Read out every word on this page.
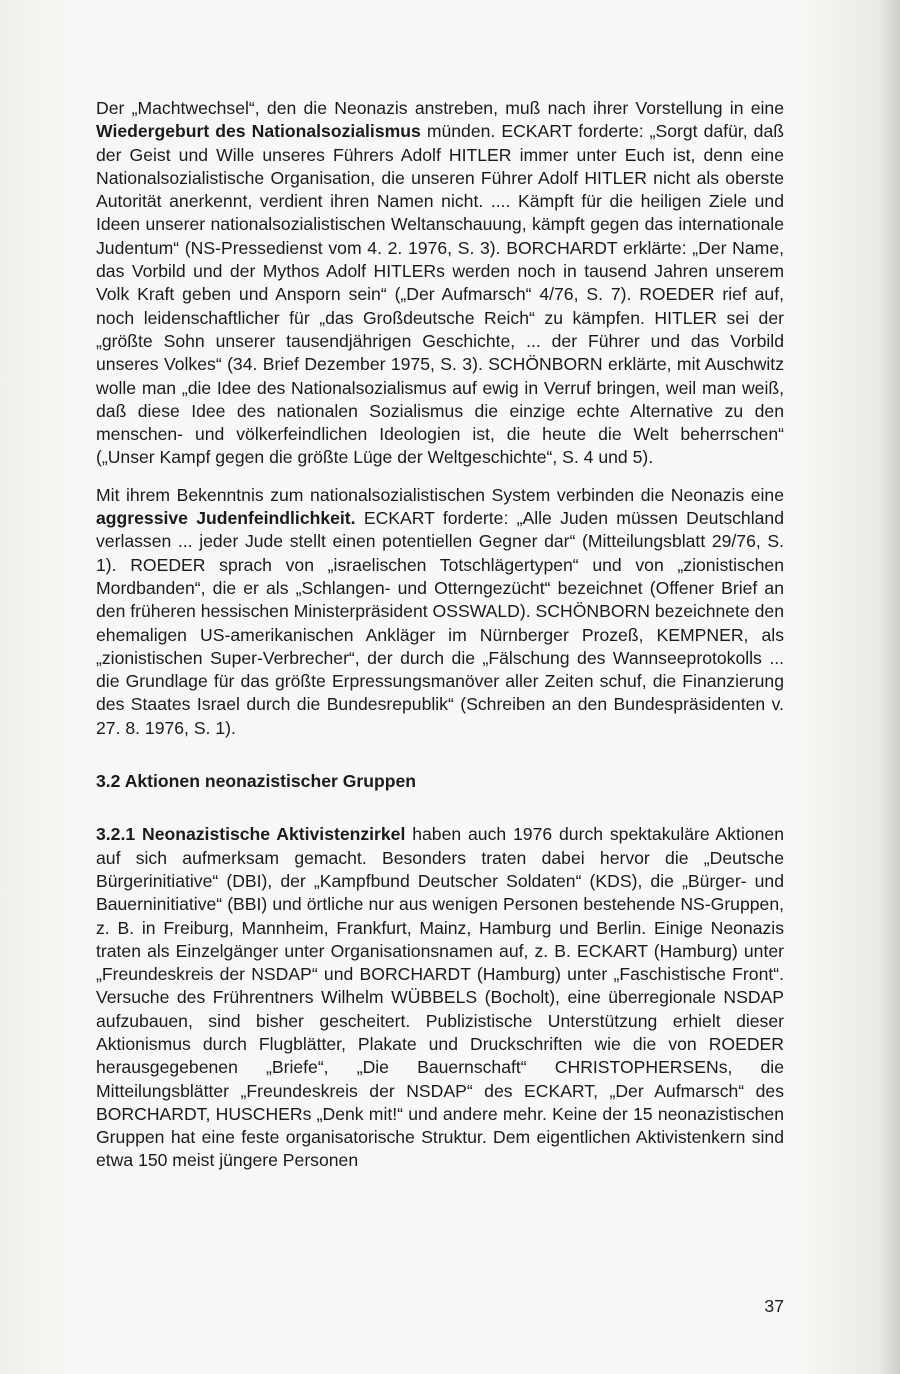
Der „Machtwechsel“, den die Neonazis anstreben, muß nach ihrer Vorstellung in eine Wiedergeburt des Nationalsozialismus münden. ECKART forderte: „Sorgt dafür, daß der Geist und Wille unseres Führers Adolf HITLER immer unter Euch ist, denn eine Nationalsozialistische Organisation, die unseren Führer Adolf HITLER nicht als oberste Autorität anerkennt, verdient ihren Namen nicht. .... Kämpft für die heiligen Ziele und Ideen unserer nationalsozialistischen Weltanschauung, kämpft gegen das internationale Judentum“ (NS-Pressedienst vom 4. 2. 1976, S. 3). BORCHARDT erklärte: „Der Name, das Vorbild und der Mythos Adolf HITLERs werden noch in tausend Jahren unserem Volk Kraft geben und Ansporn sein“ („Der Aufmarsch“ 4/76, S. 7). ROEDER rief auf, noch leidenschaftlicher für „das Großdeutsche Reich“ zu kämpfen. HITLER sei der „größte Sohn unserer tausendjährigen Geschichte, ... der Führer und das Vorbild unseres Volkes“ (34. Brief Dezember 1975, S. 3). SCHÖNBORN erklärte, mit Auschwitz wolle man „die Idee des Nationalsozialismus auf ewig in Verruf bringen, weil man weiß, daß diese Idee des nationalen Sozialismus die einzige echte Alternative zu den menschen- und völkerfeindlichen Ideologien ist, die heute die Welt beherrschen“ („Unser Kampf gegen die größte Lüge der Weltgeschichte“, S. 4 und 5).

Mit ihrem Bekenntnis zum nationalsozialistischen System verbinden die Neonazis eine aggressive Judenfeindlichkeit. ECKART forderte: „Alle Juden müssen Deutschland verlassen ... jeder Jude stellt einen potentiellen Gegner dar“ (Mitteilungsblatt 29/76, S. 1). ROEDER sprach von „israelischen Totschlägertypen“ und von „zionistischen Mordbanden“, die er als „Schlangen- und Otterngezücht“ bezeichnet (Offener Brief an den früheren hessischen Ministerpräsident OSSWALD). SCHÖNBORN bezeichnete den ehemaligen US-amerikanischen Ankläger im Nürnberger Prozeß, KEMPNER, als „zionistischen Super-Verbrecher“, der durch die „Fälschung des Wannseeprotokolls ... die Grundlage für das größte Erpressungsmanöver aller Zeiten schuf, die Finanzierung des Staates Israel durch die Bundesrepublik“ (Schreiben an den Bundespräsidenten v. 27. 8. 1976, S. 1).

3.2 Aktionen neonazistischer Gruppen

3.2.1 Neonazistische Aktivistenzirkel haben auch 1976 durch spektakuläre Aktionen auf sich aufmerksam gemacht. Besonders traten dabei hervor die „Deutsche Bürgerinitiative“ (DBI), der „Kampfbund Deutscher Soldaten“ (KDS), die „Bürger- und Bauerninitiative“ (BBI) und örtliche nur aus wenigen Personen bestehende NS-Gruppen, z. B. in Freiburg, Mannheim, Frankfurt, Mainz, Hamburg und Berlin. Einige Neonazis traten als Einzelgänger unter Organisationsnamen auf, z. B. ECKART (Hamburg) unter „Freundeskreis der NSDAP“ und BORCHARDT (Hamburg) unter „Faschistische Front“. Versuche des Frührentners Wilhelm WÜBBELS (Bocholt), eine überregionale NSDAP aufzubauen, sind bisher gescheitert. Publizistische Unterstützung erhielt dieser Aktionismus durch Flugblätter, Plakate und Druckschriften wie die von ROEDER herausgegebenen „Briefe“, „Die Bauernschaft“ CHRISTOPHERSENs, die Mitteilungsblätter „Freundeskreis der NSDAP“ des ECKART, „Der Aufmarsch“ des BORCHARDT, HUSCHERs „Denk mit!“ und andere mehr. Keine der 15 neonazistischen Gruppen hat eine feste organisatorische Struktur. Dem eigentlichen Aktivistenkern sind etwa 150 meist jüngere Personen

37
